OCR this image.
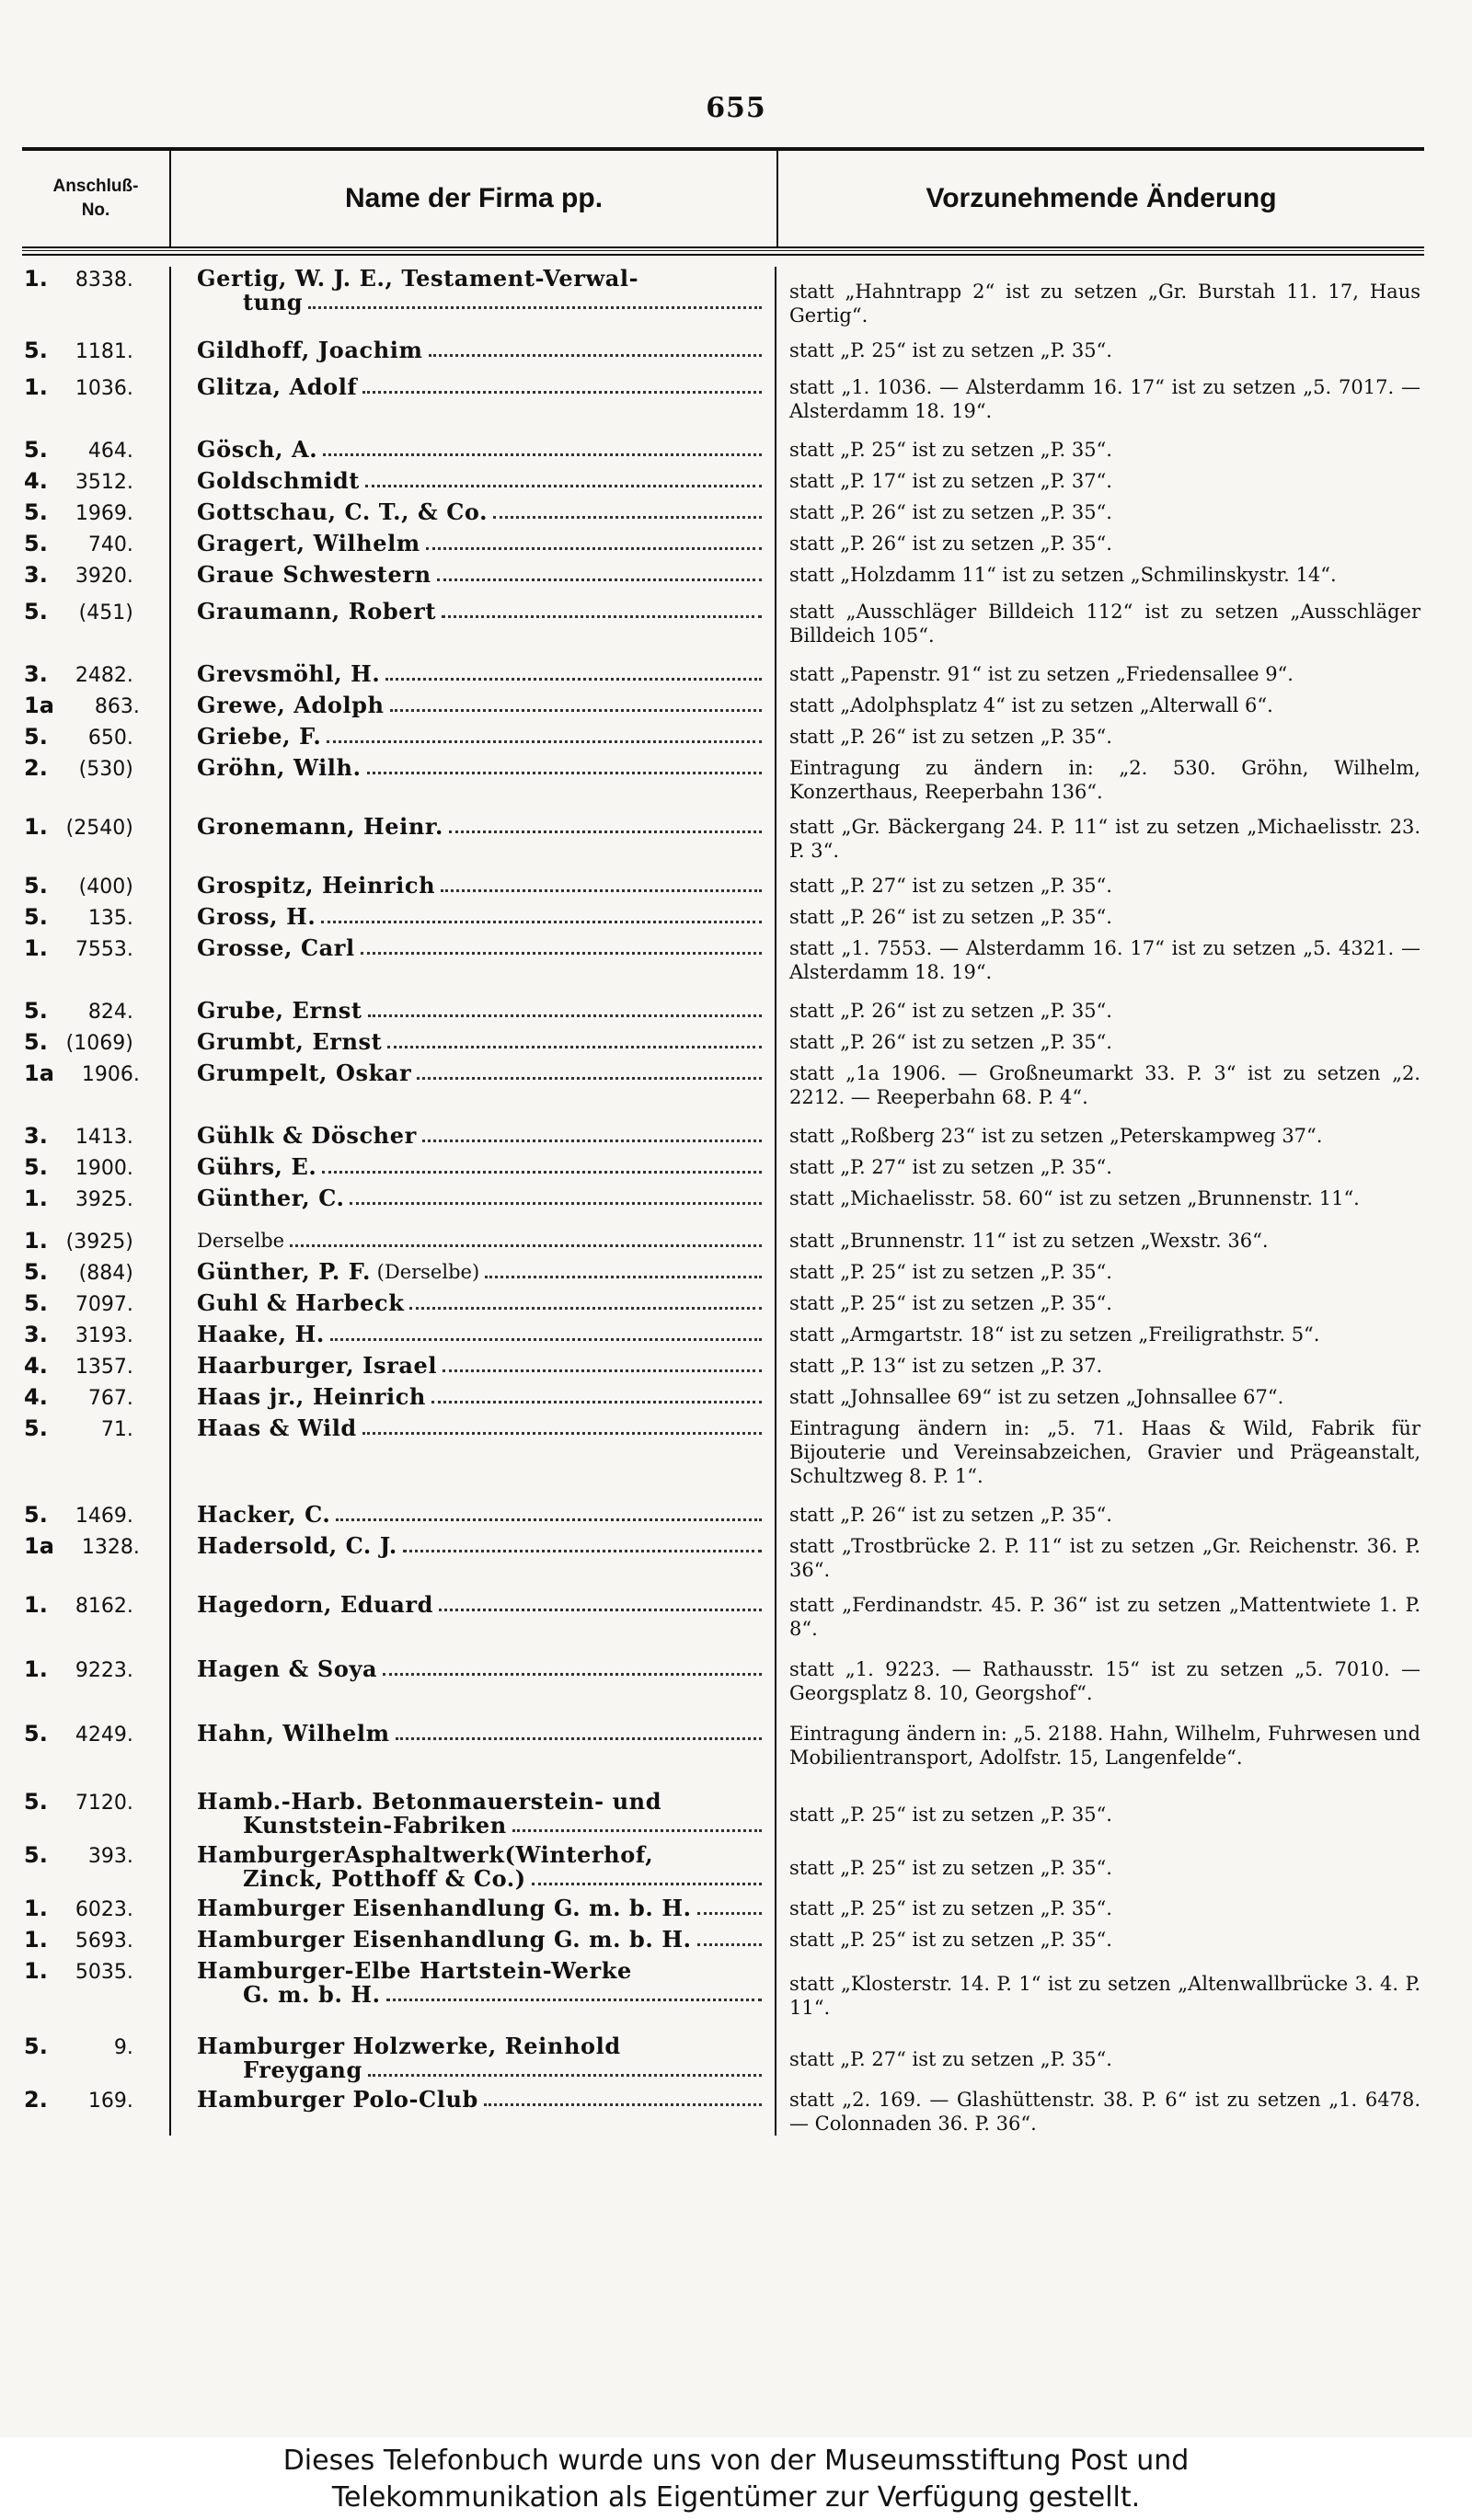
655
Anschluß-
No.	Name der Firma pp.	Vorzunehmende Änderung
1. 8338.	Gertig, W. J. E., Testament-Verwal-
tung	statt „Hahntrapp 2“ ist zu setzen „Gr. Burstah 11. 17, Haus Gertig“.
5. 1181.	Gildhoff, Joachim	statt „P. 25“ ist zu setzen „P. 35“.
1. 1036.	Glitza, Adolf	statt „1. 1036. — Alsterdamm 16. 17“ ist zu setzen „5. 7017. — Alsterdamm 18. 19“.
5. 464.	Gösch, A.	statt „P. 25“ ist zu setzen „P. 35“.
4. 3512.	Goldschmidt	statt „P. 17“ ist zu setzen „P. 37“.
5. 1969.	Gottschau, C. T., & Co.	statt „P. 26“ ist zu setzen „P. 35“.
5. 740.	Gragert, Wilhelm	statt „P. 26“ ist zu setzen „P. 35“.
3. 3920.	Graue Schwestern	statt „Holzdamm 11“ ist zu setzen „Schmilinskystr. 14“.
5. (451)	Graumann, Robert	statt „Ausschläger Billdeich 112“ ist zu setzen „Ausschläger Billdeich 105“.
3. 2482.	Grevsmöhl, H.	statt „Papenstr. 91“ ist zu setzen „Friedensallee 9“.
1a 863.	Grewe, Adolph	statt „Adolphsplatz 4“ ist zu setzen „Alterwall 6“.
5. 650.	Griebe, F.	statt „P. 26“ ist zu setzen „P. 35“.
2. (530)	Gröhn, Wilh.	Eintragung zu ändern in: „2. 530. Gröhn, Wilhelm, Konzerthaus, Reeperbahn 136“.
1. (2540)	Gronemann, Heinr.	statt „Gr. Bäckergang 24. P. 11“ ist zu setzen „Michaelisstr. 23. P. 3“.
5. (400)	Grospitz, Heinrich	statt „P. 27“ ist zu setzen „P. 35“.
5. 135.	Gross, H.	statt „P. 26“ ist zu setzen „P. 35“.
1. 7553.	Grosse, Carl	statt „1. 7553. — Alsterdamm 16. 17“ ist zu setzen „5. 4321. — Alsterdamm 18. 19“.
5. 824.	Grube, Ernst	statt „P. 26“ ist zu setzen „P. 35“.
5. (1069)	Grumbt, Ernst	statt „P. 26“ ist zu setzen „P. 35“.
1a 1906.	Grumpelt, Oskar	statt „1a 1906. — Großneumarkt 33. P. 3“ ist zu setzen „2. 2212. — Reeperbahn 68. P. 4“.
3. 1413.	Gühlk & Döscher	statt „Roßberg 23“ ist zu setzen „Peterskampweg 37“.
5. 1900.	Gührs, E.	statt „P. 27“ ist zu setzen „P. 35“.
1. 3925.	Günther, C.	statt „Michaelisstr. 58. 60“ ist zu setzen „Brunnenstr. 11“.
1. (3925)	Derselbe	statt „Brunnenstr. 11“ ist zu setzen „Wexstr. 36“.
5. (884)	Günther, P. F. (Derselbe)	statt „P. 25“ ist zu setzen „P. 35“.
5. 7097.	Guhl & Harbeck	statt „P. 25“ ist zu setzen „P. 35“.
3. 3193.	Haake, H.	statt „Armgartstr. 18“ ist zu setzen „Freiligrathstr. 5“.
4. 1357.	Haarburger, Israel	statt „P. 13“ ist zu setzen „P. 37.
4. 767.	Haas jr., Heinrich	statt „Johnsallee 69“ ist zu setzen „Johnsallee 67“.
5.	71.	Haas & Wild	Eintragung ändern in: „5. 71. Haas & Wild, Fabrik für Bijouterie und Vereinsabzeichen, Gravier und Prägeanstalt, Schultzweg 8. P. 1“.
5. 1469.	Hacker, C.	statt „P. 26“ ist zu setzen „P. 35“.
1a 1328.	Hadersold, C. J.	statt „Trostbrücke 2. P. 11“ ist zu setzen „Gr. Reichenstr. 36. P. 36“.
1. 8162.	Hagedorn, Eduard	statt „Ferdinandstr. 45. P. 36“ ist zu setzen „Mattentwiete 1. P. 8“.
1. 9223.	Hagen & Soya	statt „1. 9223. — Rathausstr. 15“ ist zu setzen „5. 7010. — Georgsplatz 8. 10, Georgshof“.
5. 4249.	Hahn, Wilhelm	Eintragung ändern in: „5. 2188. Hahn, Wilhelm, Fuhrwesen und Mobilientransport, Adolfstr. 15, Langenfelde“.
5. 7120.	Hamb.-Harb. Betonmauerstein- und
Kunststein-Fabriken	statt „P. 25“ ist zu setzen „P. 35“.
5. 393.	HamburgerAsphaltwerk(Winterhof,
Zinck, Potthoff & Co.)	statt „P. 25“ ist zu setzen „P. 35“.
1. 6023.	Hamburger Eisenhandlung G. m. b. H.	statt „P. 25“ ist zu setzen „P. 35“.
1. 5693.	Hamburger Eisenhandlung G. m. b. H.	statt „P. 25“ ist zu setzen „P. 35“.
1. 5035.	Hamburger-Elbe Hartstein-Werke
G. m. b. H.	statt „Klosterstr. 14. P. 1“ ist zu setzen „Altenwallbrücke 3. 4. P. 11“.
5.	9.	Hamburger Holzwerke, Reinhold
Freygang	statt „P. 27“ ist zu setzen „P. 35“.
2. 169.	Hamburger Polo-Club	statt „2. 169. — Glashüttenstr. 38. P. 6“ ist zu setzen „1. 6478. — Colonnaden 36. P. 36“.
Dieses Telefonbuch wurde uns von der Museumsstiftung Post und
Telekommunikation als Eigentümer zur Verfügung gestellt.
